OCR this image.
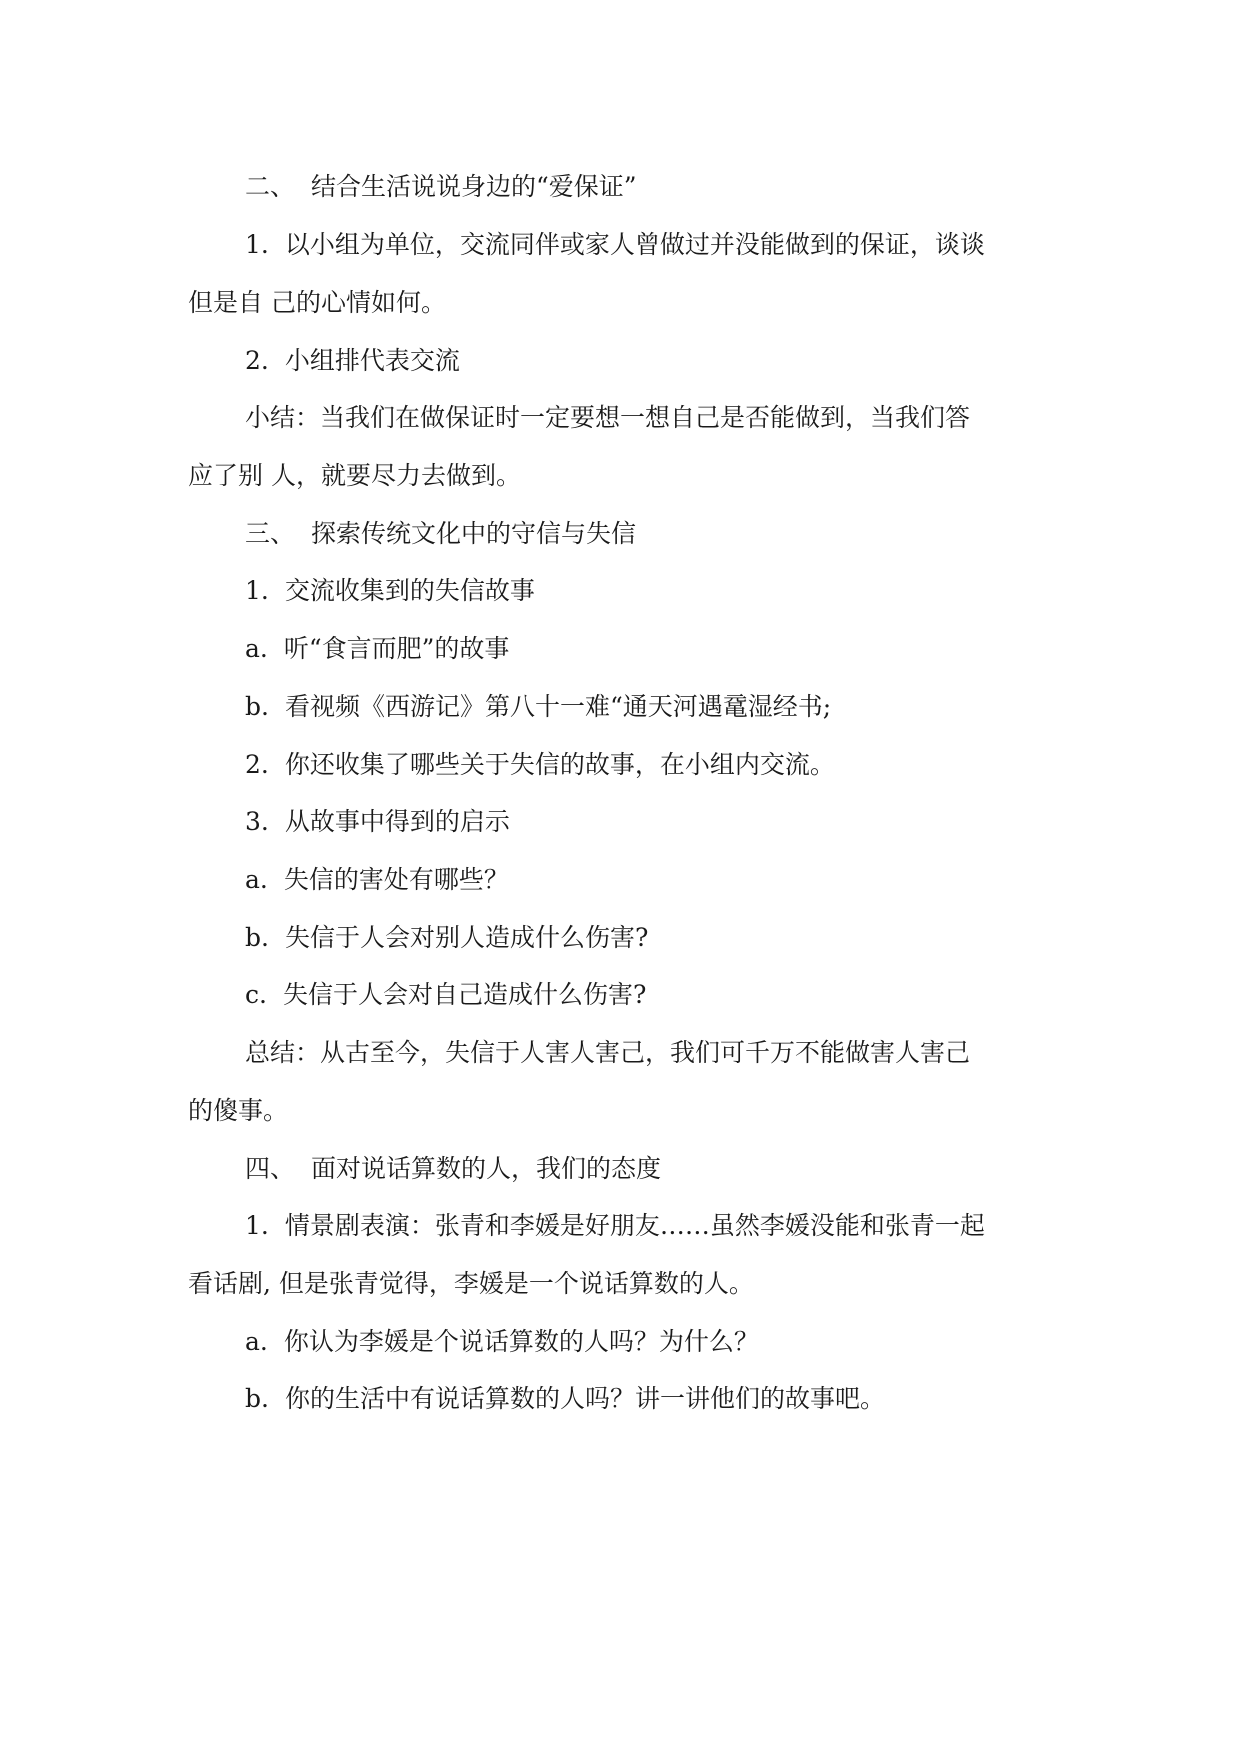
二、 结合生活说说身边的“爱保证”
1. 以小组为单位，交流同伴或家人曾做过并没能做到的保证，谈谈
但是自 己的心情如何。
2. 小组排代表交流
小结：当我们在做保证时一定要想一想自己是否能做到，当我们答
应了别 人，就要尽力去做到。
三、 探索传统文化中的守信与失信
1. 交流收集到的失信故事
a. 听“食言而肥”的故事
b. 看视频《西游记》第八十一难“通天河遇鼋湿经书;
2. 你还收集了哪些关于失信的故事，在小组内交流。
3. 从故事中得到的启示
a. 失信的害处有哪些？
b. 失信于人会对别人造成什么伤害?
c. 失信于人会对自己造成什么伤害?
总结：从古至今，失信于人害人害己，我们可千万不能做害人害己
的傻事。
四、 面对说话算数的人，我们的态度
1. 情景剧表演：张青和李媛是好朋友……虽然李媛没能和张青一起
看话剧, 但是张青觉得，李媛是一个说话算数的人。
a. 你认为李媛是个说话算数的人吗？为什么？
b. 你的生活中有说话算数的人吗？讲一讲他们的故事吧。
